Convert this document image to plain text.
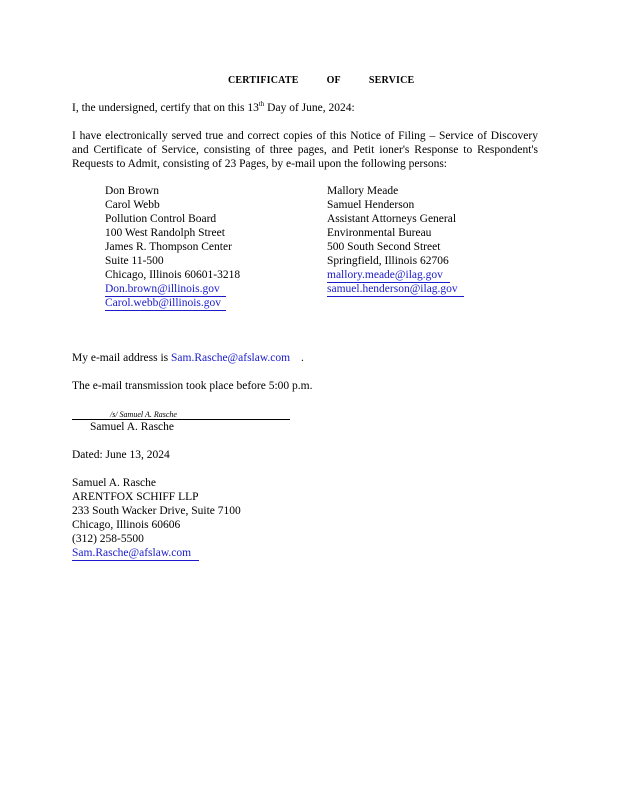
CERTIFICATE	OF	SERVICE
I, the undersigned, certify that on this 13th Day of June, 2024:
I have electronically served true and correct copies of this Notice of Filing – Service of Discovery and Certificate of Service, consisting of three pages, and Petit ioner's Response to Respondent's Requests to Admit, consisting of 23 Pages, by e-mail upon the following persons:
Don Brown
Carol Webb
Pollution Control Board
100 West Randolph Street
James R. Thompson Center
Suite 11-500
Chicago, Illinois 60601-3218
Don.brown@illinois.gov
Carol.webb@illinois.gov
Mallory Meade
Samuel Henderson
Assistant Attorneys General
Environmental Bureau
500 South Second Street
Springfield, Illinois 62706
mallory.meade@ilag.gov
samuel.henderson@ilag.gov
My e-mail address is Sam.Rasche@afslaw.com .
The e-mail transmission took place before 5:00 p.m.
/s/ Samuel A. Rasche
Samuel A. Rasche
Dated: June 13, 2024
Samuel A. Rasche
ARENTFOX SCHIFF LLP
233 South Wacker Drive, Suite 7100
Chicago, Illinois 60606
(312) 258-5500
Sam.Rasche@afslaw.com
